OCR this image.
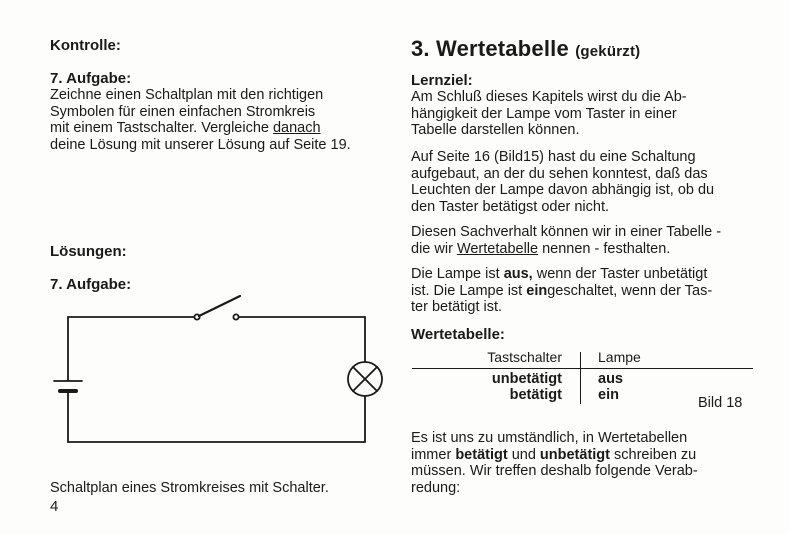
Kontrolle:
7. Aufgabe:

Zeichne einen Schaltplan mit den richtigen

Symbolen für einen einfachen Stromkreis

mit einem Tastschalter. Vergleiche danach

deine Lösung mit unserer Lösung auf Seite 19.

Lösungen:
7. Aufgabe:
Schaltplan eines Stromkreises mit Schalter.
4
3. Wertetabelle (gekürzt)
Lernziel:

Am Schluß dieses Kapitels wirst du die Ab-

hängigkeit der Lampe vom Taster in einer

Tabelle darstellen können.

Auf Seite 16 (Bild15) hast du eine Schaltung

aufgebaut, an der du sehen konntest, daß das

Leuchten der Lampe davon abhängig ist, ob du

den Taster betätigst oder nicht.

Diesen Sachverhalt können wir in einer Tabelle -

die wir Wertetabelle nennen - festhalten.

Die Lampe ist aus, wenn der Taster unbetätigt

ist. Die Lampe ist eingeschaltet, wenn der Tas-

ter betätigt ist.

Wertetabelle:
Tastschalter	Lampe
unbetätigt aus
betätigt ein	Bild 18

Es ist uns zu umständlich, in Wertetabellen

immer betätigt und unbetätigt schreiben zu

müssen. Wir treffen deshalb folgende Verab-

redung:
